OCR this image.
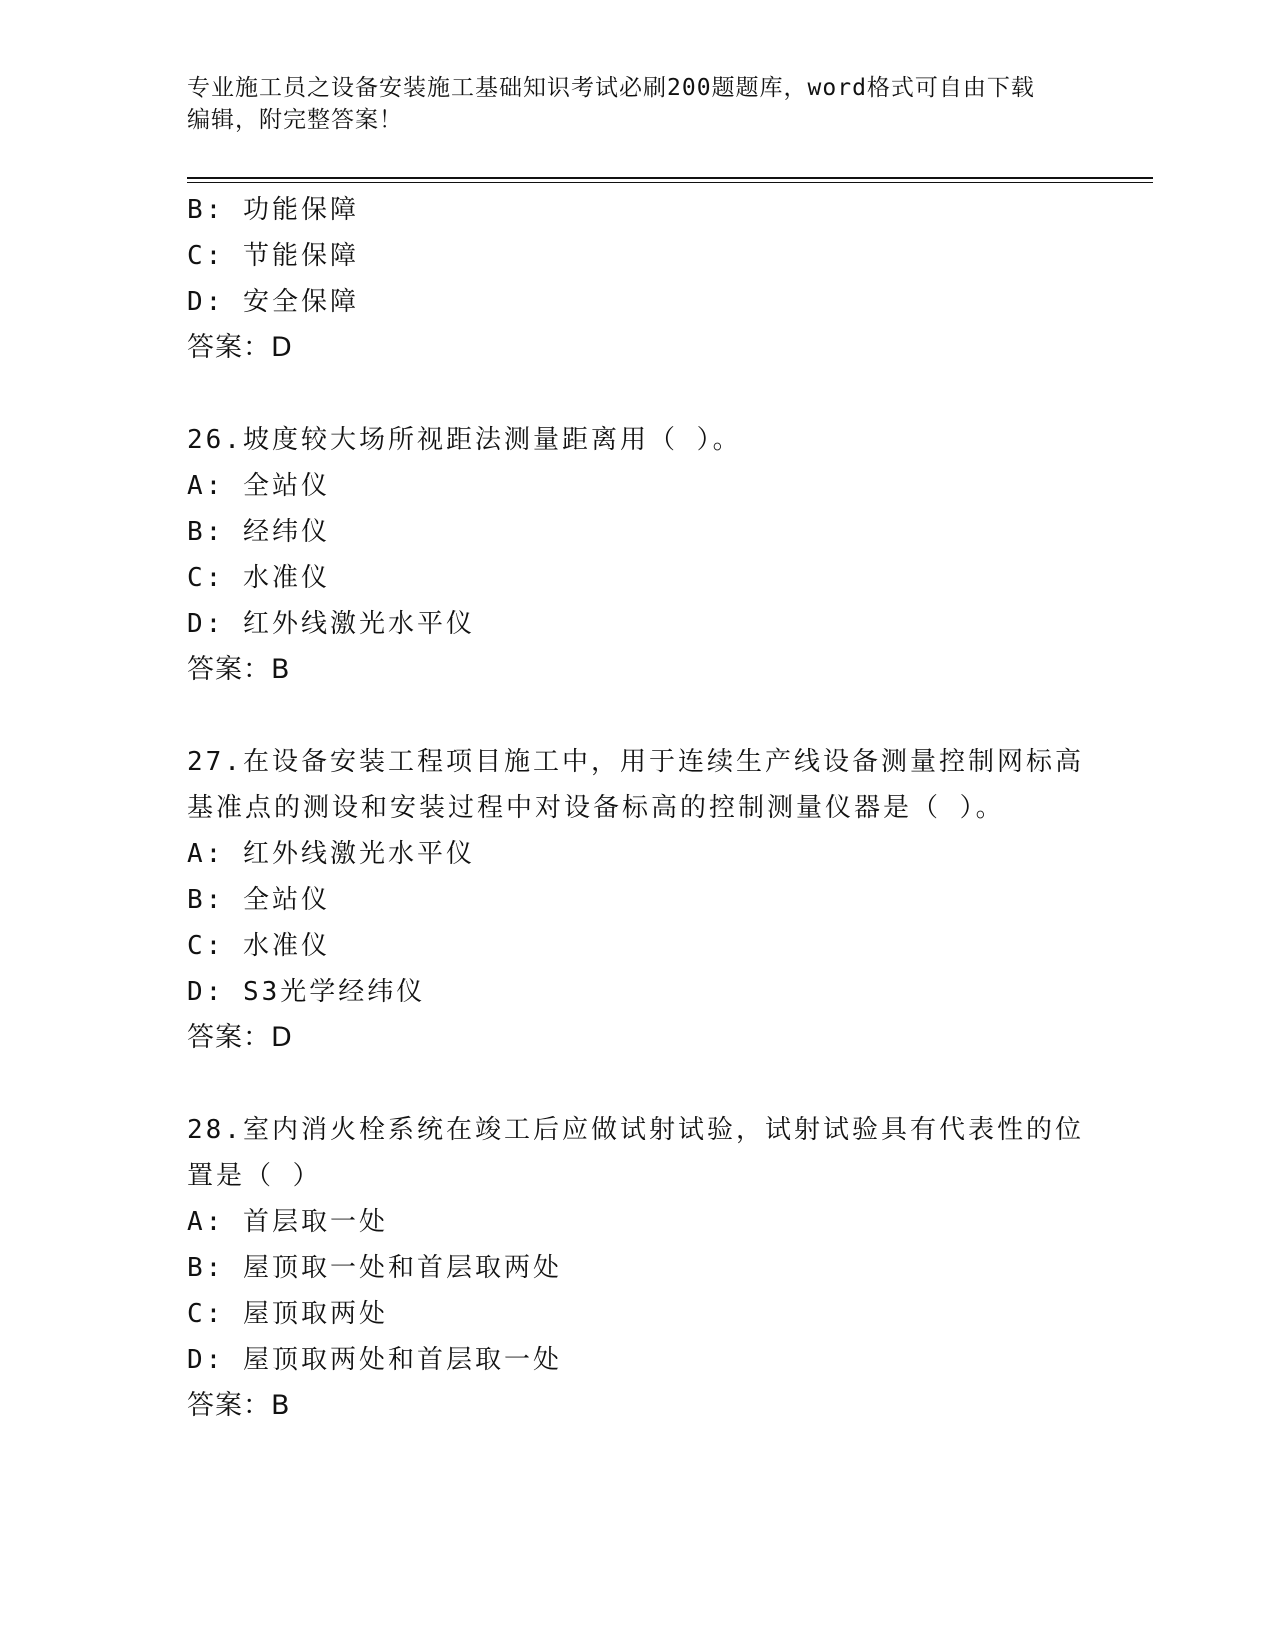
专业施工员之设备安装施工基础知识考试必刷200题题库，word格式可自由下载
编辑，附完整答案！
B: 功能保障
C: 节能保障
D: 安全保障
答案：D
26.坡度较大场所视距法测量距离用（ ）。
A: 全站仪
B: 经纬仪
C: 水准仪
D: 红外线激光水平仪
答案：B
27.在设备安装工程项目施工中，用于连续生产线设备测量控制网标高
基准点的测设和安装过程中对设备标高的控制测量仪器是（ ）。
A: 红外线激光水平仪
B: 全站仪
C: 水准仪
D: S3光学经纬仪
答案：D
28.室内消火栓系统在竣工后应做试射试验，试射试验具有代表性的位
置是（ ）
A: 首层取一处
B: 屋顶取一处和首层取两处
C: 屋顶取两处
D: 屋顶取两处和首层取一处
答案：B
